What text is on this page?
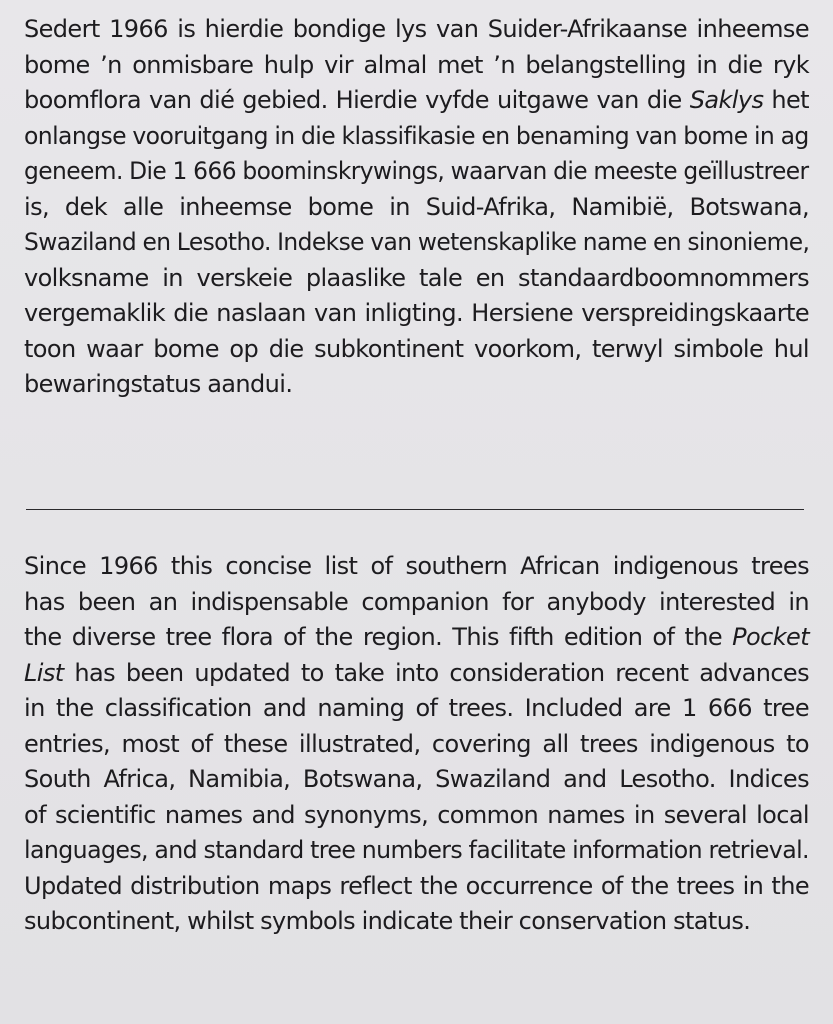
Sedert 1966 is hierdie bondige lys van Suider-Afrikaanse inheemse
bome ’n onmisbare hulp vir almal met ’n belangstelling in die ryk
boomflora van dié gebied. Hierdie vyfde uitgawe van die Saklys het
onlangse vooruitgang in die klassifikasie en benaming van bome in ag
geneem. Die 1 666 boominskrywings, waarvan die meeste geïllustreer
is, dek alle inheemse bome in Suid-Afrika, Namibië, Botswana,
Swaziland en Lesotho. Indekse van wetenskaplike name en sinonieme,
volksname in verskeie plaaslike tale en standaardboomnommers
vergemaklik die naslaan van inligting. Hersiene verspreidingskaarte
toon waar bome op die subkontinent voorkom, terwyl simbole hul
bewaringstatus aandui.

Since 1966 this concise list of southern African indigenous trees
has been an indispensable companion for anybody interested in
the diverse tree flora of the region. This fifth edition of the Pocket
List has been updated to take into consideration recent advances
in the classification and naming of trees. Included are 1 666 tree
entries, most of these illustrated, covering all trees indigenous to
South Africa, Namibia, Botswana, Swaziland and Lesotho. Indices
of scientific names and synonyms, common names in several local
languages, and standard tree numbers facilitate information retrieval.
Updated distribution maps reflect the occurrence of the trees in the
subcontinent, whilst symbols indicate their conservation status.
